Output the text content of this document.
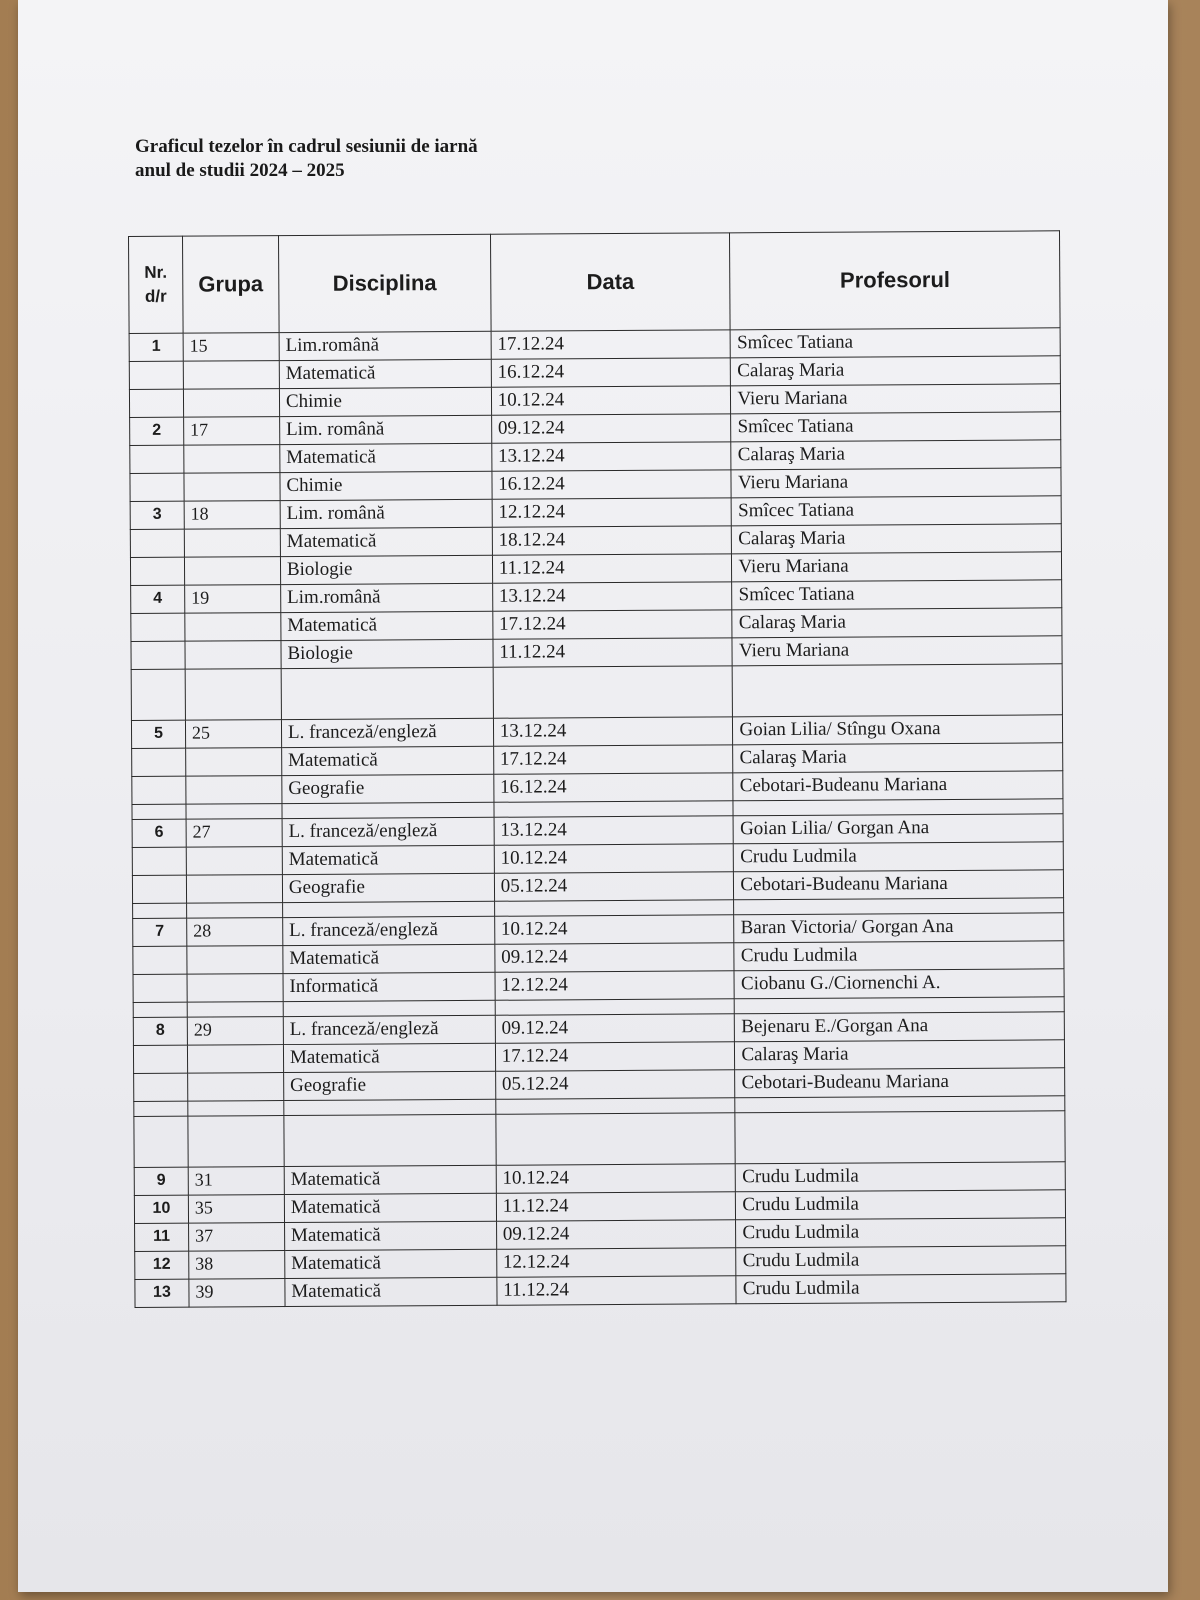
Graficul tezelor în cadrul sesiunii de iarnă
anul de studii 2024 – 2025
Nr. d/r	Grupa	Disciplina	Data	Profesorul
1	15	Lim.română	17.12.24	Smîcec Tatiana
		Matematică	16.12.24	Calaraş Maria
		Chimie	10.12.24	Vieru Mariana
2	17	Lim. română	09.12.24	Smîcec Tatiana
		Matematică	13.12.24	Calaraş Maria
		Chimie	16.12.24	Vieru Mariana
3	18	Lim. română	12.12.24	Smîcec Tatiana
		Matematică	18.12.24	Calaraş Maria
		Biologie	11.12.24	Vieru Mariana
4	19	Lim.română	13.12.24	Smîcec Tatiana
		Matematică	17.12.24	Calaraş Maria
		Biologie	11.12.24	Vieru Mariana

5	25	L. franceză/engleză	13.12.24	Goian Lilia/ Stîngu Oxana
		Matematică	17.12.24	Calaraş Maria
		Geografie	16.12.24	Cebotari-Budeanu Mariana

6	27	L. franceză/engleză	13.12.24	Goian Lilia/ Gorgan Ana
		Matematică	10.12.24	Crudu Ludmila
		Geografie	05.12.24	Cebotari-Budeanu Mariana

7	28	L. franceză/engleză	10.12.24	Baran Victoria/ Gorgan Ana
		Matematică	09.12.24	Crudu Ludmila
		Informatică	12.12.24	Ciobanu G./Ciornenchi A.

8	29	L. franceză/engleză	09.12.24	Bejenaru E./Gorgan Ana
		Matematică	17.12.24	Calaraş Maria
		Geografie	05.12.24	Cebotari-Budeanu Mariana

9	31	Matematică	10.12.24	Crudu Ludmila
10	35	Matematică	11.12.24	Crudu Ludmila
11	37	Matematică	09.12.24	Crudu Ludmila
12	38	Matematică	12.12.24	Crudu Ludmila
13	39	Matematică	11.12.24	Crudu Ludmila
